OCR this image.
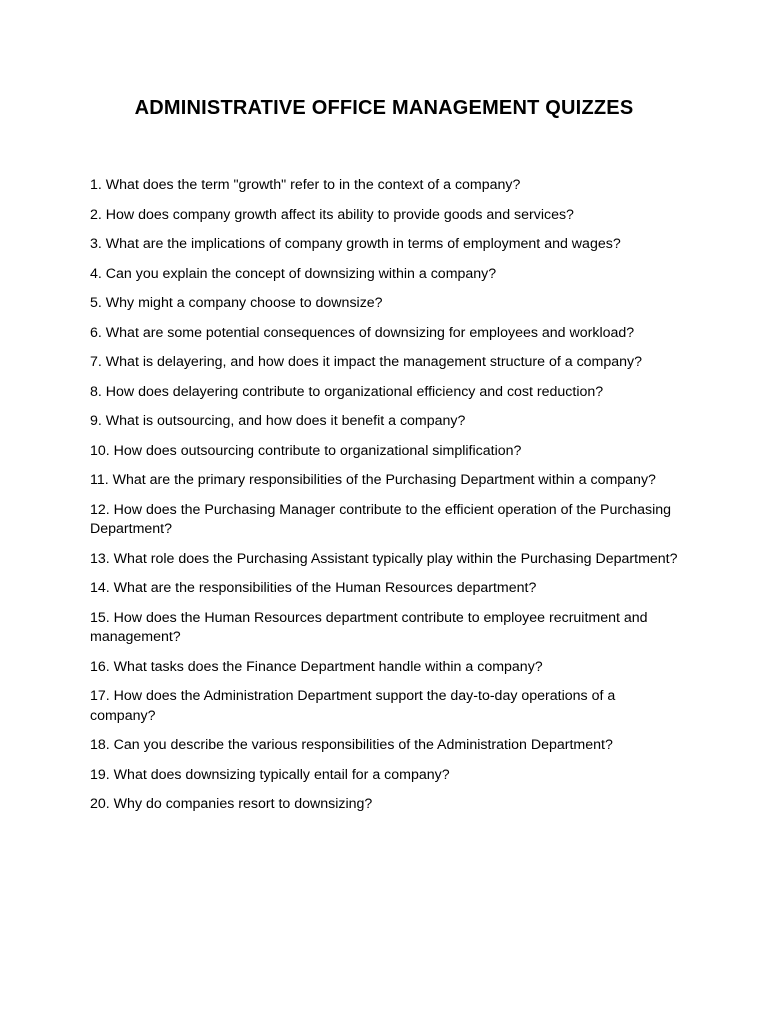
ADMINISTRATIVE OFFICE MANAGEMENT QUIZZES
1. What does the term "growth" refer to in the context of a company?
2. How does company growth affect its ability to provide goods and services?
3. What are the implications of company growth in terms of employment and wages?
4. Can you explain the concept of downsizing within a company?
5. Why might a company choose to downsize?
6. What are some potential consequences of downsizing for employees and workload?
7. What is delayering, and how does it impact the management structure of a company?
8. How does delayering contribute to organizational efficiency and cost reduction?
9. What is outsourcing, and how does it benefit a company?
10. How does outsourcing contribute to organizational simplification?
11. What are the primary responsibilities of the Purchasing Department within a company?
12. How does the Purchasing Manager contribute to the efficient operation of the Purchasing Department?
13. What role does the Purchasing Assistant typically play within the Purchasing Department?
14. What are the responsibilities of the Human Resources department?
15. How does the Human Resources department contribute to employee recruitment and management?
16. What tasks does the Finance Department handle within a company?
17. How does the Administration Department support the day-to-day operations of a company?
18. Can you describe the various responsibilities of the Administration Department?
19. What does downsizing typically entail for a company?
20. Why do companies resort to downsizing?
